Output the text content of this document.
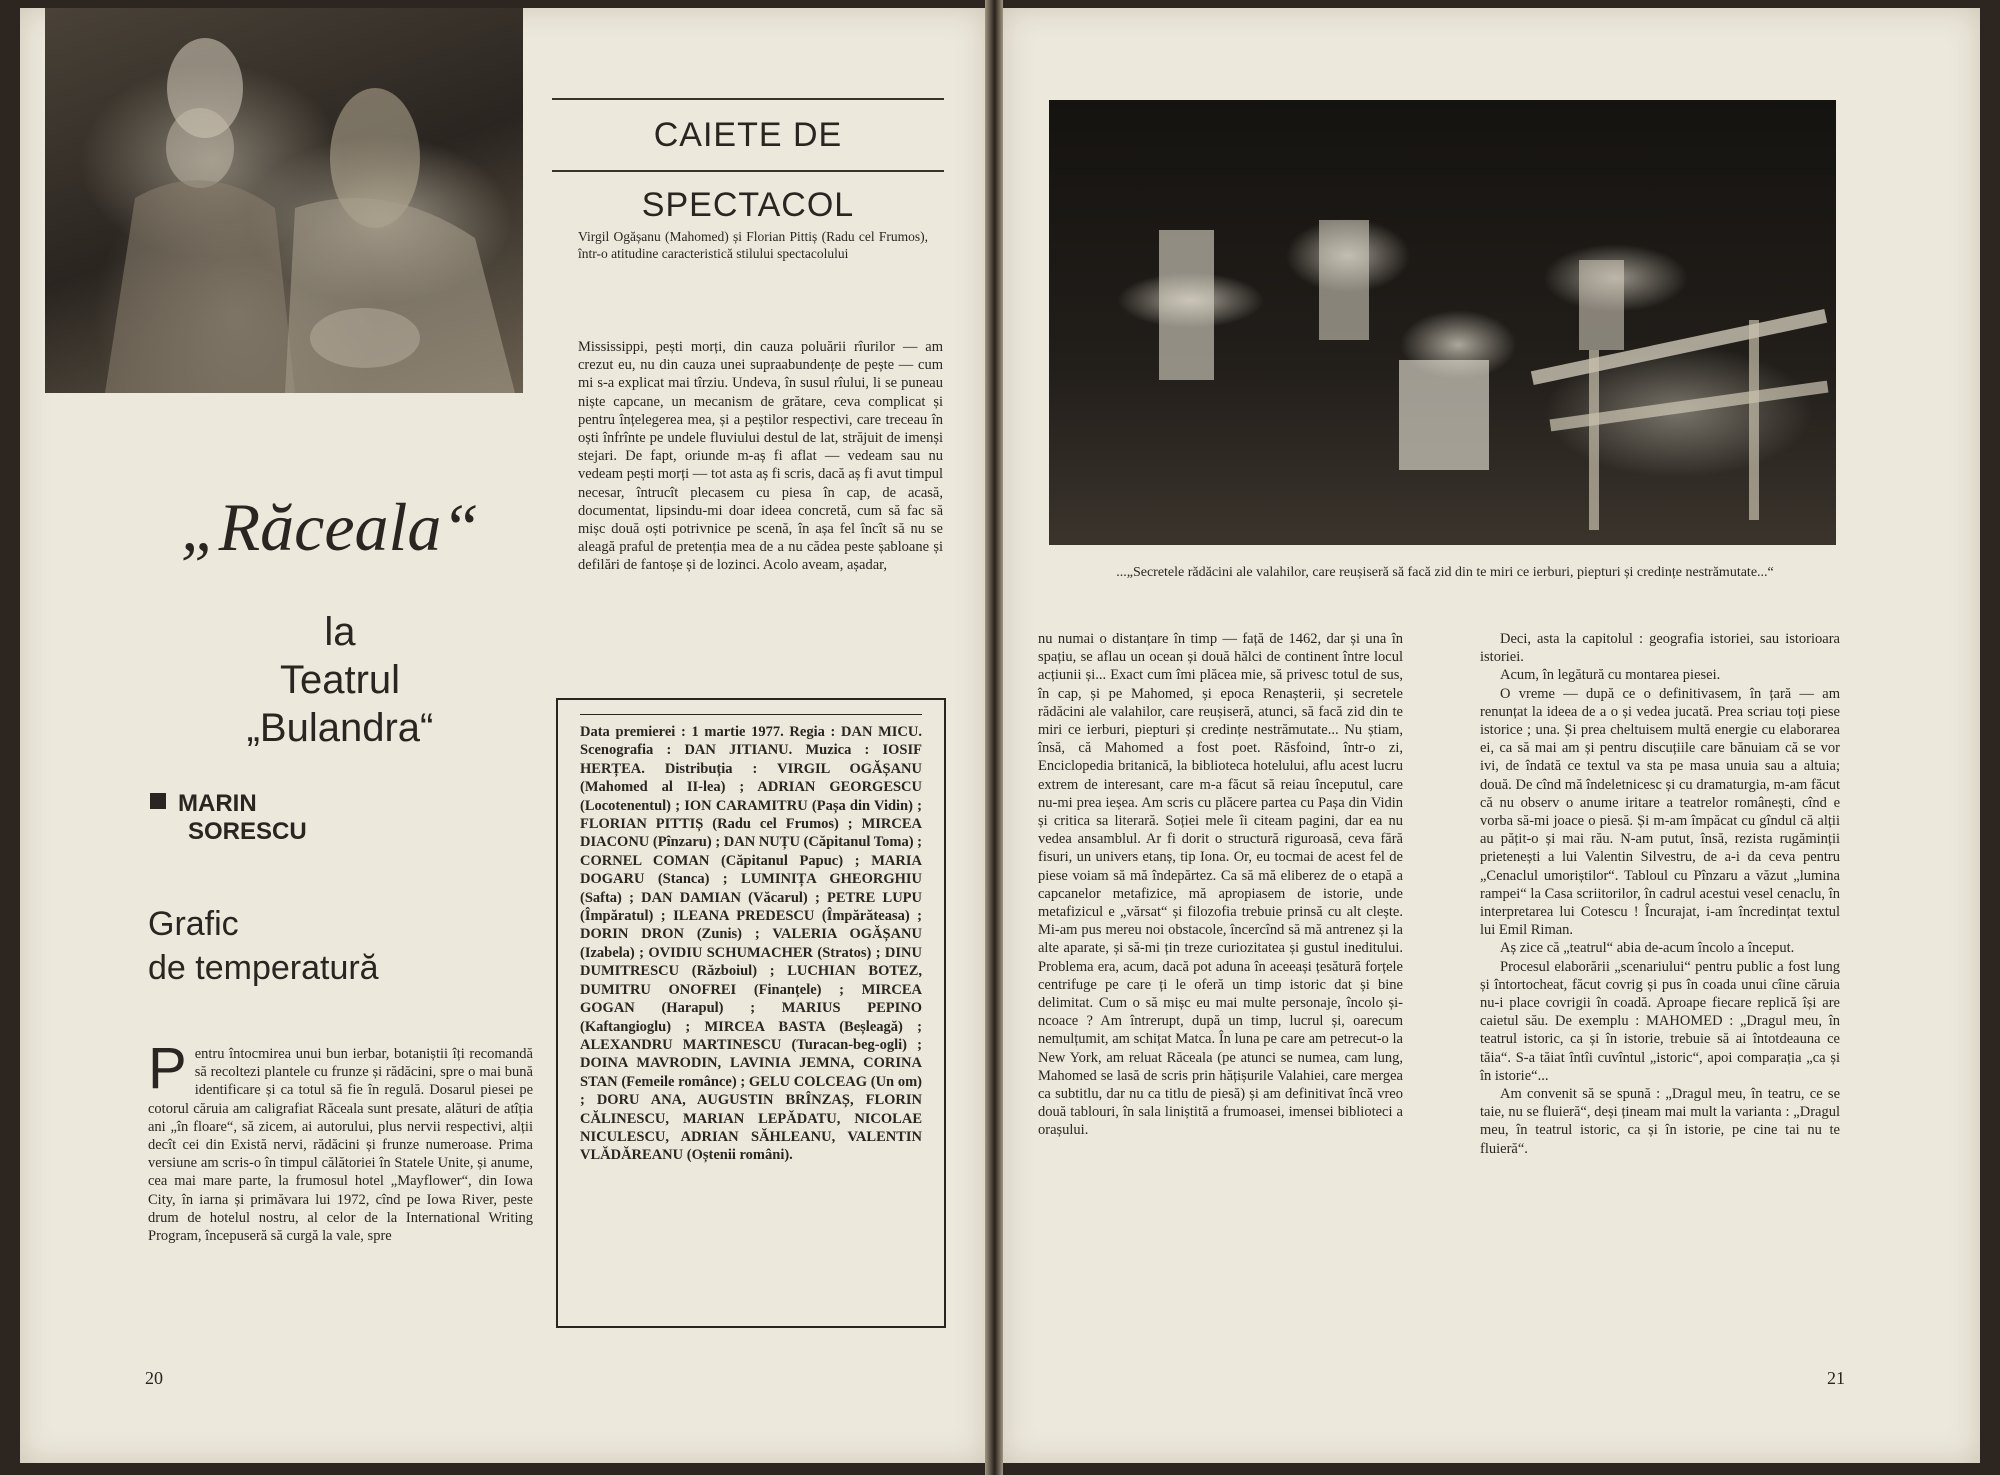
CAIETE DE SPECTACOL
Virgil Ogășanu (Mahomed) și Florian Pittiș (Radu cel Frumos), într-o atitudine caracteristică stilului spectacolului

Mississippi, pești morți, din cauza poluării rîurilor — am crezut eu, nu din cauza unei supraabundențe de pește — cum mi s-a explicat mai tîrziu. Undeva, în susul rîului, li se puneau niște capcane, un mecanism de grătare, ceva complicat și pentru înțelegerea mea, și a peștilor respectivi, care treceau în oști înfrînte pe undele fluviului destul de lat, străjuit de imenși stejari. De fapt, oriunde m-aș fi aflat — vedeam sau nu vedeam pești morți — tot asta aș fi scris, dacă aș fi avut timpul necesar, întrucît plecasem cu piesa în cap, de acasă, documentat, lipsindu-mi doar ideea concretă, cum să fac să mișc două oști potrivnice pe scenă, în așa fel încît să nu se aleagă praful de pretenția mea de a nu cădea peste șabloane și defilări de fantoșe și de lozinci. Acolo aveam, așadar,

„Răceala“
la
Teatrul
„Bulandra“
MARIN
SORESCU
Grafic
de temperatură
P entru întocmirea unui bun ierbar, botaniștii îți recomandă să recoltezi plantele cu frunze și rădăcini, spre o mai bună identificare și ca totul să fie în regulă. Dosarul piesei pe cotorul căruia am caligrafiat Răceala sunt presate, alături de atîția ani „în floare“, să zicem, ai autorului, plus nervii respectivi, alții decît cei din Există nervi, rădăcini și frunze numeroase. Prima versiune am scris-o în timpul călătoriei în Statele Unite, și anume, cea mai mare parte, la frumosul hotel „Mayflower“, din Iowa City, în iarna și primăvara lui 1972, cînd pe Iowa River, peste drum de hotelul nostru, al celor de la International Writing Program, începuseră să curgă la vale, spre

Data premierei : 1 martie 1977. Regia : DAN MICU. Scenografia : DAN JITIANU. Muzica : IOSIF HERȚEA. Distribuția : VIRGIL OGĂȘANU (Mahomed al II-lea) ; ADRIAN GEORGESCU (Locotenentul) ; ION CARAMITRU (Pașa din Vidin) ; FLORIAN PITTIȘ (Radu cel Frumos) ; MIRCEA DIACONU (Pînzaru) ; DAN NUȚU (Căpitanul Toma) ; CORNEL COMAN (Căpitanul Papuc) ; MARIA DOGARU (Stanca) ; LUMINIȚA GHEORGHIU (Safta) ; DAN DAMIAN (Văcarul) ; PETRE LUPU (Împăratul) ; ILEANA PREDESCU (Împărăteasa) ; DORIN DRON (Zunis) ; VALERIA OGĂȘANU (Izabela) ; OVIDIU SCHUMACHER (Stratos) ; DINU DUMITRESCU (Războiul) ; LUCHIAN BOTEZ, DUMITRU ONOFREI (Finanțele) ; MIRCEA GOGAN (Harapul) ; MARIUS PEPINO (Kaftangioglu) ; MIRCEA BASTA (Beșleagă) ; ALEXANDRU MARTINESCU (Turacan-beg-ogli) ; DOINA MAVRODIN, LAVINIA JEMNA, CORINA STAN (Femeile românce) ; GELU COLCEAG (Un om) ; DORU ANA, AUGUSTIN BRÎNZAȘ, FLORIN CĂLINESCU, MARIAN LEPĂDATU, NICOLAE NICULESCU, ADRIAN SĂHLEANU, VALENTIN VLĂDĂREANU (Oștenii români).
20
...„Secretele rădăcini ale valahilor, care reușiseră să facă zid din te miri ce ierburi, piepturi și credințe nestrămutate...“

nu numai o distanțare în timp — față de 1462, dar și una în spațiu, se aflau un ocean și două hălci de continent între locul acțiunii și... Exact cum îmi plăcea mie, să privesc totul de sus, în cap, și pe Mahomed, și epoca Renașterii, și secretele rădăcini ale valahilor, care reușiseră, atunci, să facă zid din te miri ce ierburi, piepturi și credințe nestrămutate... Nu știam, însă, că Mahomed a fost poet. Răsfoind, într-o zi, Enciclopedia britanică, la biblioteca hotelului, aflu acest lucru extrem de interesant, care m-a făcut să reiau începutul, care nu-mi prea ieșea. Am scris cu plăcere partea cu Pașa din Vidin și critica sa literară. Soției mele îi citeam pagini, dar ea nu vedea ansamblul. Ar fi dorit o structură riguroasă, ceva fără fisuri, un univers etanș, tip Iona. Or, eu tocmai de acest fel de piese voiam să mă îndepărtez. Ca să mă eliberez de o etapă a capcanelor metafizice, mă apropiasem de istorie, unde metafizicul e „vărsat“ și filozofia trebuie prinsă cu alt clește. Mi-am pus mereu noi obstacole, încercînd să mă antrenez și la alte aparate, și să-mi țin treze curiozitatea și gustul ineditului. Problema era, acum, dacă pot aduna în aceeași țesătură forțele centrifuge pe care ți le oferă un timp istoric dat și bine delimitat. Cum o să mișc eu mai multe personaje, încolo și-ncoace ? Am întrerupt, după un timp, lucrul și, oarecum nemulțumit, am schițat Matca. În luna pe care am petrecut-o la New York, am reluat Răceala (pe atunci se numea, cam lung, Mahomed se lasă de scris prin hățișurile Valahiei, care mergea ca subtitlu, dar nu ca titlu de piesă) și am definitivat încă vreo două tablouri, în sala liniștită a frumoasei, imensei biblioteci a orașului.

Deci, asta la capitolul : geografia istoriei, sau istorioara istoriei.

Acum, în legătură cu montarea piesei.

O vreme — după ce o definitivasem, în țară — am renunțat la ideea de a o și vedea jucată. Prea scriau toți piese istorice ; una. Și prea cheltuisem multă energie cu elaborarea ei, ca să mai am și pentru discuțiile care bănuiam că se vor ivi, de îndată ce textul va sta pe masa unuia sau a altuia; două. De cînd mă îndeletnicesc și cu dramaturgia, m-am făcut că nu observ o anume iritare a teatrelor românești, cînd e vorba să-mi joace o piesă. Și m-am împăcat cu gîndul că alții au pățit-o și mai rău. N-am putut, însă, rezista rugăminții prietenești a lui Valentin Silvestru, de a-i da ceva pentru „Cenaclul umoriștilor“. Tabloul cu Pînzaru a văzut „lumina rampei“ la Casa scriitorilor, în cadrul acestui vesel cenaclu, în interpretarea lui Cotescu ! Încurajat, i-am încredințat textul lui Emil Riman.

Aș zice că „teatrul“ abia de-acum încolo a început.

Procesul elaborării „scenariului“ pentru public a fost lung și întortocheat, făcut covrig și pus în coada unui cîine căruia nu-i place covrigii în coadă. Aproape fiecare replică își are caietul său. De exemplu : MAHOMED : „Dragul meu, în teatrul istoric, ca și în istorie, trebuie să ai întotdeauna ce tăia“. S-a tăiat întîi cuvîntul „istoric“, apoi comparația „ca și în istorie“...

Am convenit să se spună : „Dragul meu, în teatru, ce se taie, nu se fluieră“, deși țineam mai mult la varianta : „Dragul meu, în teatrul istoric, ca și în istorie, pe cine tai nu te fluieră“.

21
